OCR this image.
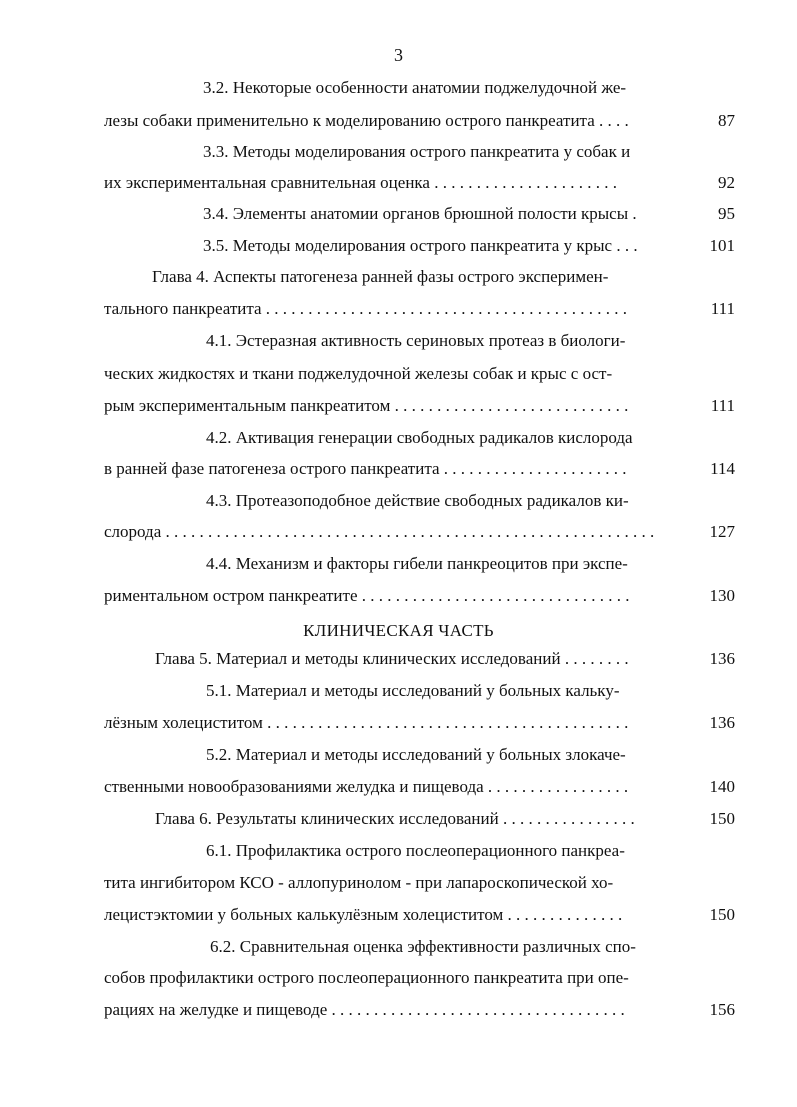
3
3.2. Некоторые особенности анатомии поджелудочной же-
лезы собаки применительно к моделированию острого панкреатита . . . .	87
3.3. Методы моделирования острого панкреатита у собак и
их экспериментальная сравнительная оценка . . . . . . . . . . . . . . . . . . . . . .	92
3.4. Элементы анатомии органов брюшной полости крысы .	95
3.5. Методы моделирования острого панкреатита у крыс . . .	101
Глава 4. Аспекты патогенеза ранней фазы острого эксперимен-
тального панкреатита . . . . . . . . . . . . . . . . . . . . . . . . . . . . . . . . . . . . . . . . . . .	111
4.1. Эстеразная активность сериновых протеаз в биологи-
ческих жидкостях и ткани поджелудочной железы собак и крыс с ост-
рым экспериментальным панкреатитом . . . . . . . . . . . . . . . . . . . . . . . . . . . .	111
4.2. Активация генерации свободных радикалов кислорода
в ранней фазе патогенеза острого панкреатита . . . . . . . . . . . . . . . . . . . . . .	114
4.3. Протеазоподобное действие свободных радикалов ки-
слорода . . . . . . . . . . . . . . . . . . . . . . . . . . . . . . . . . . . . . . . . . . . . . . . . . . . . . . . . . .	127
4.4. Механизм и факторы гибели панкреоцитов при экспе-
риментальном остром панкреатите . . . . . . . . . . . . . . . . . . . . . . . . . . . . . . . .	130
Глава 5. Материал и методы клинических исследований . . . . . . . .	136
5.1. Материал и методы исследований у больных кальку-
лёзным холециститом . . . . . . . . . . . . . . . . . . . . . . . . . . . . . . . . . . . . . . . . . . .	136
5.2. Материал и методы исследований у больных злокаче-
ственными новообразованиями желудка и пищевода . . . . . . . . . . . . . . . . .	140
Глава 6. Результаты клинических исследований . . . . . . . . . . . . . . . .	150
6.1. Профилактика острого послеоперационного панкреа-
тита ингибитором КСО - аллопуринолом - при лапароскопической хо-
лецистэктомии у больных калькулёзным холециститом . . . . . . . . . . . . . .	150
6.2. Сравнительная оценка эффективности различных спо-
собов профилактики острого послеоперационного панкреатита при опе-
рациях на желудке и пищеводе . . . . . . . . . . . . . . . . . . . . . . . . . . . . . . . . . . .	156
КЛИНИЧЕСКАЯ ЧАСТЬ
